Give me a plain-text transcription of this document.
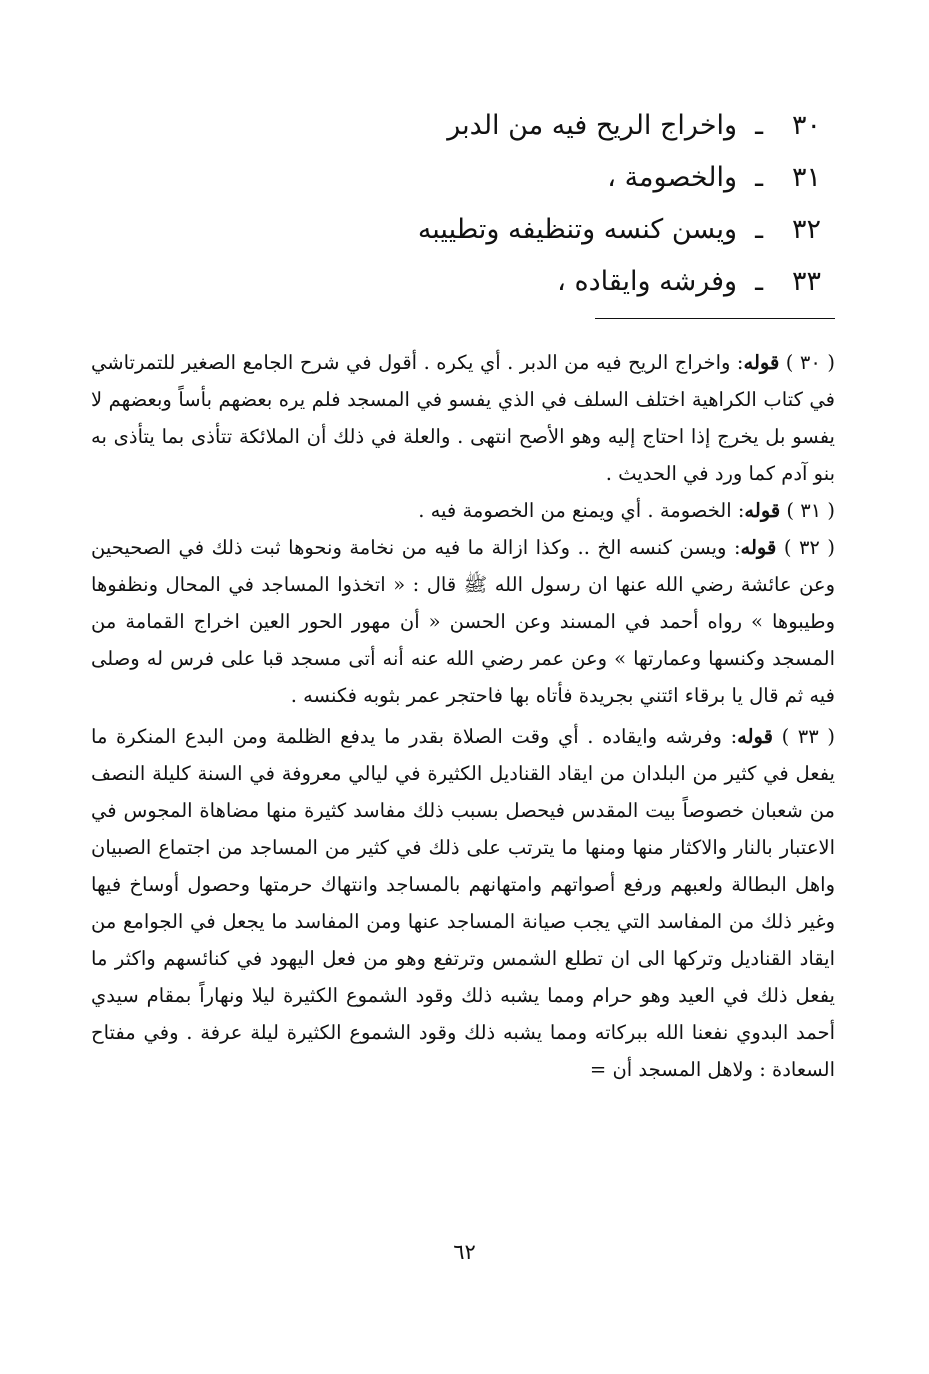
٣٠ـواخراج الريح فيه من الدبر
٣١ـوالخصومة ،
٣٢ـويسن كنسه وتنظيفه وتطييبه
٣٣ـوفرشه وايقاده ،

( ٣٠ ) قوله: واخراج الريح فيه من الدبر . أي يكره . أقول في شرح الجامع الصغير للتمرتاشي في كتاب الكراهية اختلف السلف في الذي يفسو في المسجد فلم يره بعضهم بأساً وبعضهم لا يفسو بل يخرج إذا احتاج إليه وهو الأصح انتهى . والعلة في ذلك أن الملائكة تتأذى بما يتأذى به بنو آدم كما ورد في الحديث .

( ٣١ ) قوله: الخصومة . أي ويمنع من الخصومة فيه .

( ٣٢ ) قوله: ويسن كنسه الخ .. وكذا ازالة ما فيه من نخامة ونحوها ثبت ذلك في الصحيحين وعن عائشة رضي الله عنها ان رسول الله ﷺ قال : « اتخذوا المساجد في المحال ونظفوها وطيبوها » رواه أحمد في المسند وعن الحسن « أن مهور الحور العين اخراج القمامة من المسجد وكنسها وعمارتها » وعن عمر رضي الله عنه أنه أتى مسجد قبا على فرس له وصلى فيه ثم قال يا برقاء ائتني بجريدة فأتاه بها فاحتجر عمر بثوبه فكنسه .

( ٣٣ ) قوله: وفرشه وايقاده . أي وقت الصلاة بقدر ما يدفع الظلمة ومن البدع المنكرة ما يفعل في كثير من البلدان من ايقاد القناديل الكثيرة في ليالي معروفة في السنة كليلة النصف من شعبان خصوصاً بيت المقدس فيحصل بسبب ذلك مفاسد كثيرة منها مضاهاة المجوس في الاعتبار بالنار والاكثار منها ومنها ما يترتب على ذلك في كثير من المساجد من اجتماع الصبيان واهل البطالة ولعبهم ورفع أصواتهم وامتهانهم بالمساجد وانتهاك حرمتها وحصول أوساخ فيها وغير ذلك من المفاسد التي يجب صيانة المساجد عنها ومن المفاسد ما يجعل في الجوامع من ايقاد القناديل وتركها الى ان تطلع الشمس وترتفع وهو من فعل اليهود في كنائسهم واكثر ما يفعل ذلك في العيد وهو حرام ومما يشبه ذلك وقود الشموع الكثيرة ليلا ونهاراً بمقام سيدي أحمد البدوي نفعنا الله ببركاته ومما يشبه ذلك وقود الشموع الكثيرة ليلة عرفة . وفي مفتاح السعادة : ولاهل المسجد أن =

٦٢
